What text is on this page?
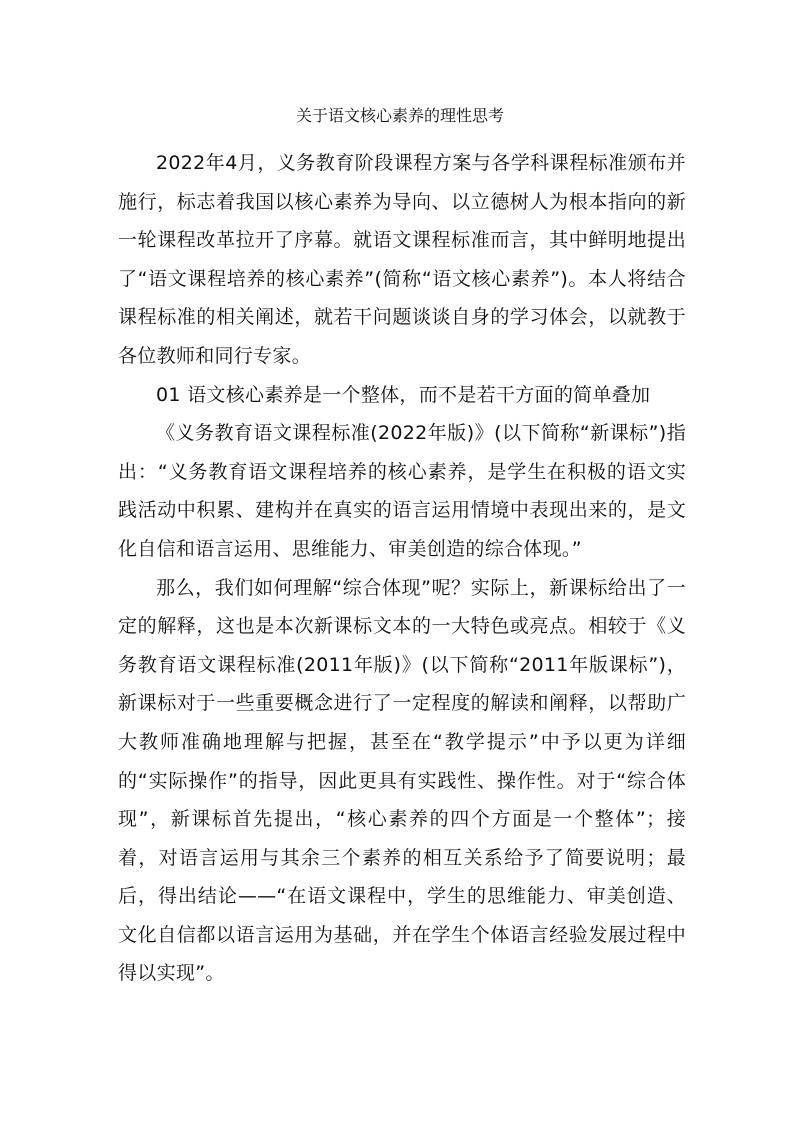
关于语文核心素养的理性思考

2022年4月，义务教育阶段课程方案与各学科课程标准颁布并施行，标志着我国以核心素养为导向、以立德树人为根本指向的新一轮课程改革拉开了序幕。就语文课程标准而言，其中鲜明地提出了“语文课程培养的核心素养”(简称“语文核心素养”)。本人将结合课程标准的相关阐述，就若干问题谈谈自身的学习体会，以就教于各位教师和同行专家。

01 语文核心素养是一个整体，而不是若干方面的简单叠加

《义务教育语文课程标准(2022年版)》(以下简称“新课标”)指出：“义务教育语文课程培养的核心素养，是学生在积极的语文实践活动中积累、建构并在真实的语言运用情境中表现出来的，是文化自信和语言运用、思维能力、审美创造的综合体现。”

那么，我们如何理解“综合体现”呢？实际上，新课标给出了一定的解释，这也是本次新课标文本的一大特色或亮点。相较于《义务教育语文课程标准(2011年版)》(以下简称“2011年版课标”)，新课标对于一些重要概念进行了一定程度的解读和阐释，以帮助广大教师准确地理解与把握，甚至在“教学提示”中予以更为详细的“实际操作”的指导，因此更具有实践性、操作性。对于“综合体现”，新课标首先提出，“核心素养的四个方面是一个整体”；接着，对语言运用与其余三个素养的相互关系给予了简要说明；最后，得出结论——“在语文课程中，学生的思维能力、审美创造、文化自信都以语言运用为基础，并在学生个体语言经验发展过程中得以实现”。
